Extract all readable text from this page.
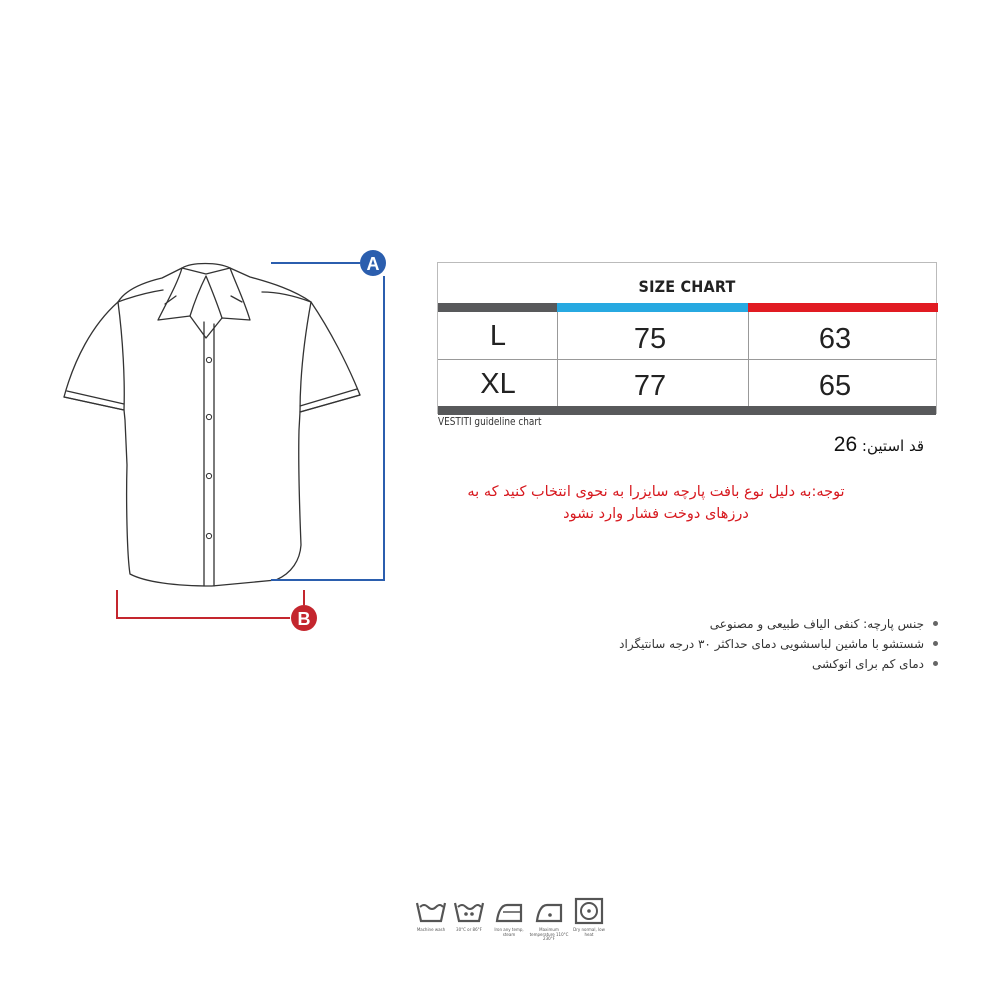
A
B
SIZE CHART
L	75	63
XL	77	65
VESTITI guideline chart
قد استین: 26
توجه:به دلیل نوع بافت پارچه سایزرا به نحوی انتخاب کنید که به درزهای دوخت فشار وارد نشود
جنس پارچه: کنفی الیاف طبیعی و مصنوعی
شستشو با ماشین لباسشویی دمای حداکثر ۳۰ درجه سانتیگراد
دمای کم برای اتوکشی
Machine wash	30°C or 86°F	Iron any temp, steam
Maximum temperature 110°C 230°F
Dry normal, low heat
